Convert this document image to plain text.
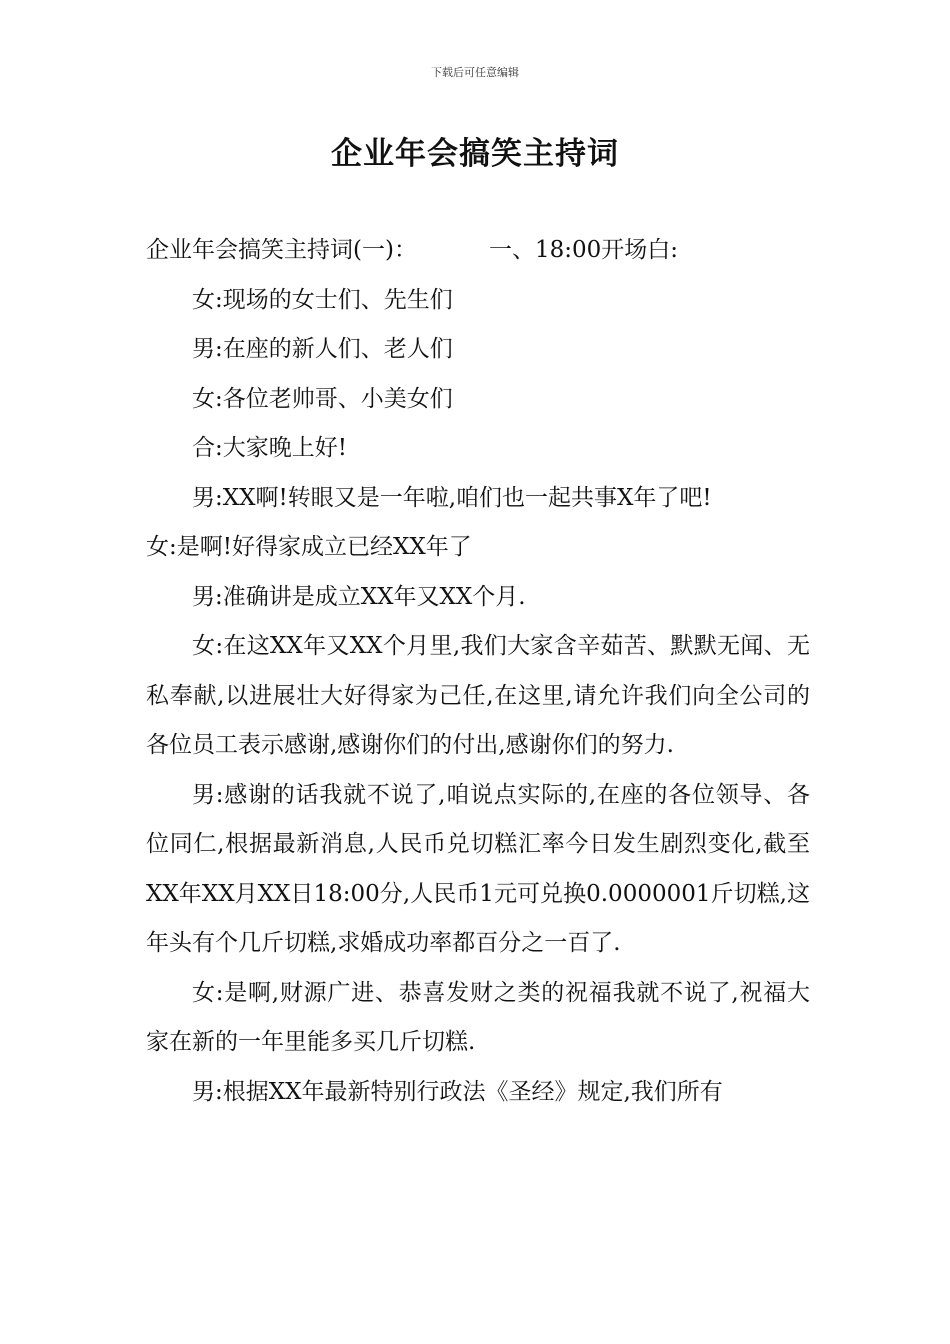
下载后可任意编辑
企业年会搞笑主持词

企业年会搞笑主持词(一)：	一、18:00开场白:

女:现场的女士们、先生们

男:在座的新人们、老人们

女:各位老帅哥、小美女们

合:大家晚上好!

男:XX啊!转眼又是一年啦,咱们也一起共事X年了吧!

女:是啊!好得家成立已经XX年了

男:准确讲是成立XX年又XX个月.

女:在这XX年又XX个月里,我们大家含辛茹苦、默默无闻、无私奉献,以进展壮大好得家为己任,在这里,请允许我们向全公司的各位员工表示感谢,感谢你们的付出,感谢你们的努力.

男:感谢的话我就不说了,咱说点实际的,在座的各位领导、各位同仁,根据最新消息,人民币兑切糕汇率今日发生剧烈变化,截至XX年XX月XX日18:00分,人民币1元可兑换0.0000001斤切糕,这年头有个几斤切糕,求婚成功率都百分之一百了.

女:是啊,财源广进、恭喜发财之类的祝福我就不说了,祝福大家在新的一年里能多买几斤切糕.

男:根据XX年最新特别行政法《圣经》规定,我们所有
